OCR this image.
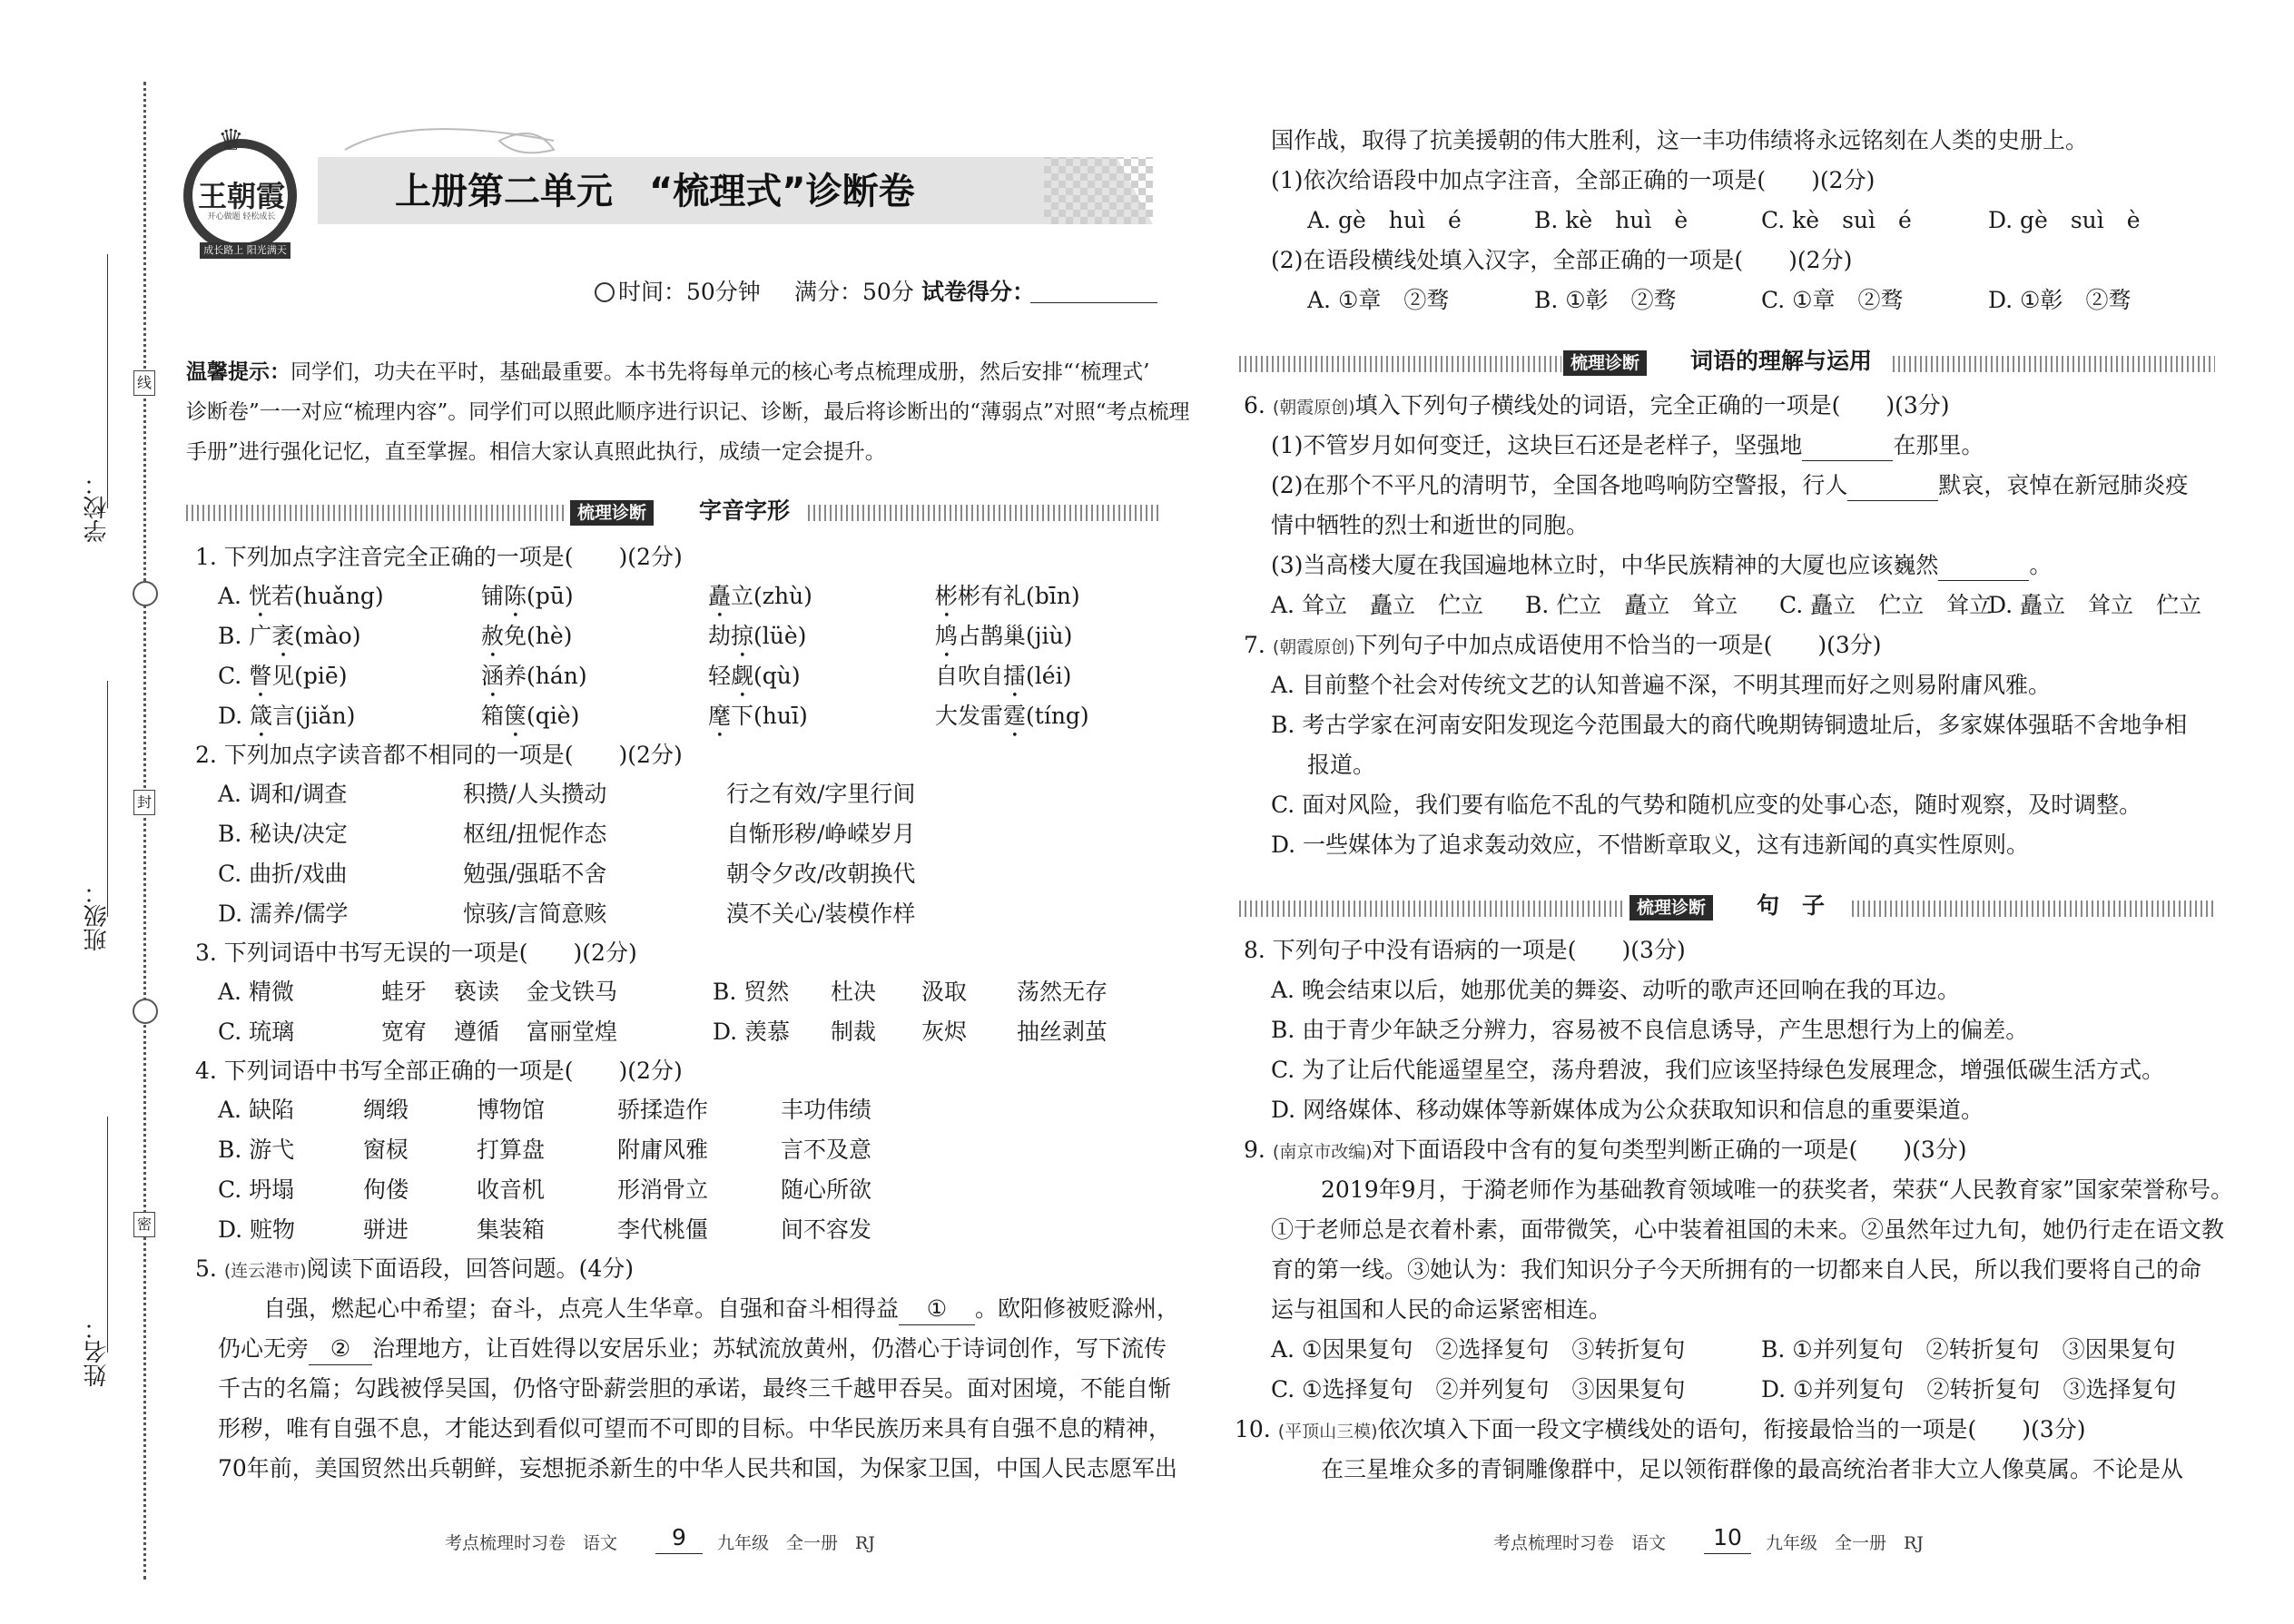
学校：
班级：
姓名：
线
封
密
王朝霞
开心做题 轻松成长
♛
成长路上 阳光满天
上册第二单元　“梳理式”诊断卷
时间：50分钟 满分：50分 试卷得分：
温馨提示：同学们，功夫在平时，基础最重要。本书先将每单元的核心考点梳理成册，然后安排“‘梳理式’
诊断卷”一一对应“梳理内容”。同学们可以照此顺序进行识记、诊断，最后将诊断出的“薄弱点”对照“考点梳理
手册”进行强化记忆，直至掌握。相信大家认真照此执行，成绩一定会提升。
梳理诊断	字音字形
1. 下列加点字注音完全正确的一项是(　　)(2分)
A. 恍若(huǎng)	铺陈(pū)	矗立(zhù)	彬彬有礼(bīn)
B. 广袤(mào)	赦免(hè)	劫掠(lüè)	鸠占鹊巢(jiù)
C. 瞥见(piē)	涵养(hán)	轻觑(qù)	自吹自擂(léi)
D. 箴言(jiǎn)	箱箧(qiè)	麾下(huī)	大发雷霆(tíng)
2. 下列加点字读音都不相同的一项是(　　)(2分)
A. 调和/调查	积攒/人头攒动	行之有效/字里行间
B. 秘诀/决定	枢纽/扭怩作态	自惭形秽/峥嵘岁月
C. 曲折/戏曲	勉强/强聒不舍	朝令夕改/改朝换代
D. 濡养/儒学	惊骇/言简意赅	漠不关心/装模作样
3. 下列词语中书写无误的一项是(　　)(2分)
A. 精微	蛙牙 亵读 金戈铁马	B. 贸然 杜决 汲取 荡然无存
C. 琉璃	宽宥 遵循 富丽堂煌	D. 羡慕 制裁 灰烬 抽丝剥茧
4. 下列词语中书写全部正确的一项是(　　)(2分)
A. 缺陷	绸缎	博物馆	骄揉造作	丰功伟绩
B. 游弋	窗棂	打算盘	附庸风雅	言不及意
C. 坍塌	佝偻	收音机	形消骨立	随心所欲
D. 赃物	骈进	集装箱	李代桃僵	间不容发
5. (连云港市)阅读下面语段，回答问题。(4分)
自强，燃起心中希望；奋斗，点亮人生华章。自强和奋斗相得益 ① 。欧阳修被贬滁州，
仍心无旁 ② 治理地方，让百姓得以安居乐业；苏轼流放黄州，仍潜心于诗词创作，写下流传
千古的名篇；勾践被俘吴国，仍恪守卧薪尝胆的承诺，最终三千越甲吞吴。面对困境，不能自惭
形秽，唯有自强不息，才能达到看似可望而不可即的目标。中华民族历来具有自强不息的精神，
70年前，美国贸然出兵朝鲜，妄想扼杀新生的中华人民共和国，为保家卫国，中国人民志愿军出
考点梳理时习卷　语文	9	九年级　全一册　RJ
国作战，取得了抗美援朝的伟大胜利，这一丰功伟绩将永远铭刻在人类的史册上。
(1)依次给语段中加点字注音，全部正确的一项是(　　)(2分)
A. gè　huì　é	B. kè　huì　è	C. kè　suì　é	D. gè　suì　è
(2)在语段横线处填入汉字，全部正确的一项是(　　)(2分)
A. ①章　②骛	B. ①彰　②骛	C. ①章　②骛	D. ①彰　②骛
梳理诊断	词语的理解与运用
6. (朝霞原创)填入下列句子横线处的词语，完全正确的一项是(　　)(3分)
(1)不管岁月如何变迁，这块巨石还是老样子，坚强地	在那里。
(2)在那个不平凡的清明节，全国各地鸣响防空警报，行人	默哀，哀悼在新冠肺炎疫
情中牺牲的烈士和逝世的同胞。
(3)当高楼大厦在我国遍地林立时，中华民族精神的大厦也应该巍然	。
A. 耸立　矗立　伫立 B. 伫立　矗立　耸立 C. 矗立　伫立　耸立
D. 矗立　耸立　伫立
7. (朝霞原创)下列句子中加点成语使用不恰当的一项是(　　)(3分)
A. 目前整个社会对传统文艺的认知普遍不深，不明其理而好之则易附庸风雅。
B. 考古学家在河南安阳发现迄今范围最大的商代晚期铸铜遗址后，多家媒体强聒不舍地争相
报道。
C. 面对风险，我们要有临危不乱的气势和随机应变的处事心态，随时观察，及时调整。
D. 一些媒体为了追求轰动效应，不惜断章取义，这有违新闻的真实性原则。
梳理诊断	句　子
8. 下列句子中没有语病的一项是(　　)(3分)
A. 晚会结束以后，她那优美的舞姿、动听的歌声还回响在我的耳边。
B. 由于青少年缺乏分辨力，容易被不良信息诱导，产生思想行为上的偏差。
C. 为了让后代能遥望星空，荡舟碧波，我们应该坚持绿色发展理念，增强低碳生活方式。
D. 网络媒体、移动媒体等新媒体成为公众获取知识和信息的重要渠道。
9. (南京市改编)对下面语段中含有的复句类型判断正确的一项是(　　)(3分)
2019年9月，于漪老师作为基础教育领域唯一的获奖者，荣获“人民教育家”国家荣誉称号。
①于老师总是衣着朴素，面带微笑，心中装着祖国的未来。②虽然年过九旬，她仍行走在语文教
育的第一线。③她认为：我们知识分子今天所拥有的一切都来自人民，所以我们要将自己的命
运与祖国和人民的命运紧密相连。
A. ①因果复句　②选择复句　③转折复句	B. ①并列复句　②转折复句　③因果复句
C. ①选择复句　②并列复句　③因果复句	D. ①并列复句　②转折复句　③选择复句
10. (平顶山三模)依次填入下面一段文字横线处的语句，衔接最恰当的一项是(　　)(3分)
在三星堆众多的青铜雕像群中，足以领衔群像的最高统治者非大立人像莫属。不论是从
考点梳理时习卷　语文	10	九年级　全一册　RJ
